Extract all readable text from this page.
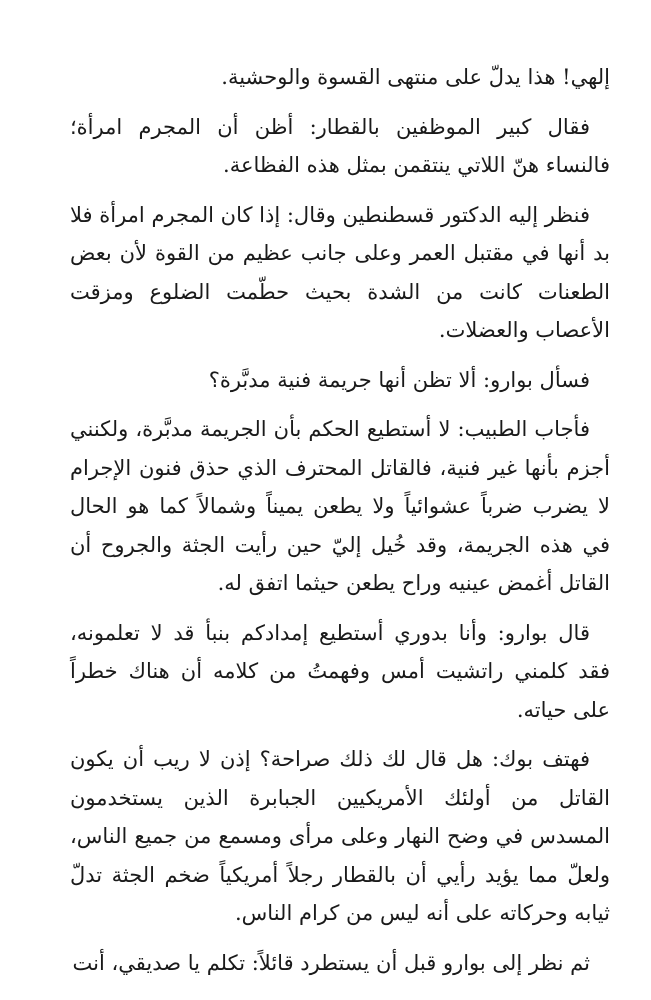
إلهي! هذا يدلّ على منتهى القسوة والوحشية.

فقال كبير الموظفين بالقطار: أظن أن المجرم امرأة؛ فالنساء هنّ اللاتي ينتقمن بمثل هذه الفظاعة.

فنظر إليه الدكتور قسطنطين وقال: إذا كان المجرم امرأة فلا بد أنها في مقتبل العمر وعلى جانب عظيم من القوة لأن بعض الطعنات كانت من الشدة بحيث حطّمت الضلوع ومزقت الأعصاب والعضلات.

فسأل بوارو: ألا تظن أنها جريمة فنية مدبَّرة؟

فأجاب الطبيب: لا أستطيع الحكم بأن الجريمة مدبَّرة، ولكنني أجزم بأنها غير فنية، فالقاتل المحترف الذي حذق فنون الإجرام لا يضرب ضرباً عشوائياً ولا يطعن يميناً وشمالاً كما هو الحال في هذه الجريمة، وقد خُيل إليّ حين رأيت الجثة والجروح أن القاتل أغمض عينيه وراح يطعن حيثما اتفق له.

قال بوارو: وأنا بدوري أستطيع إمدادكم بنبأ قد لا تعلمونه، فقد كلمني راتشيت أمس وفهمتُ من كلامه أن هناك خطراً على حياته.

فهتف بوك: هل قال لك ذلك صراحة؟ إذن لا ريب أن يكون القاتل من أولئك الأمريكيين الجبابرة الذين يستخدمون المسدس في وضح النهار وعلى مرأى ومسمع من جميع الناس، ولعلّ مما يؤيد رأيي أن بالقطار رجلاً أمريكياً ضخم الجثة تدلّ ثيابه وحركاته على أنه ليس من كرام الناس.

ثم نظر إلى بوارو قبل أن يستطرد قائلاً: تكلم يا صديقي، أنت
